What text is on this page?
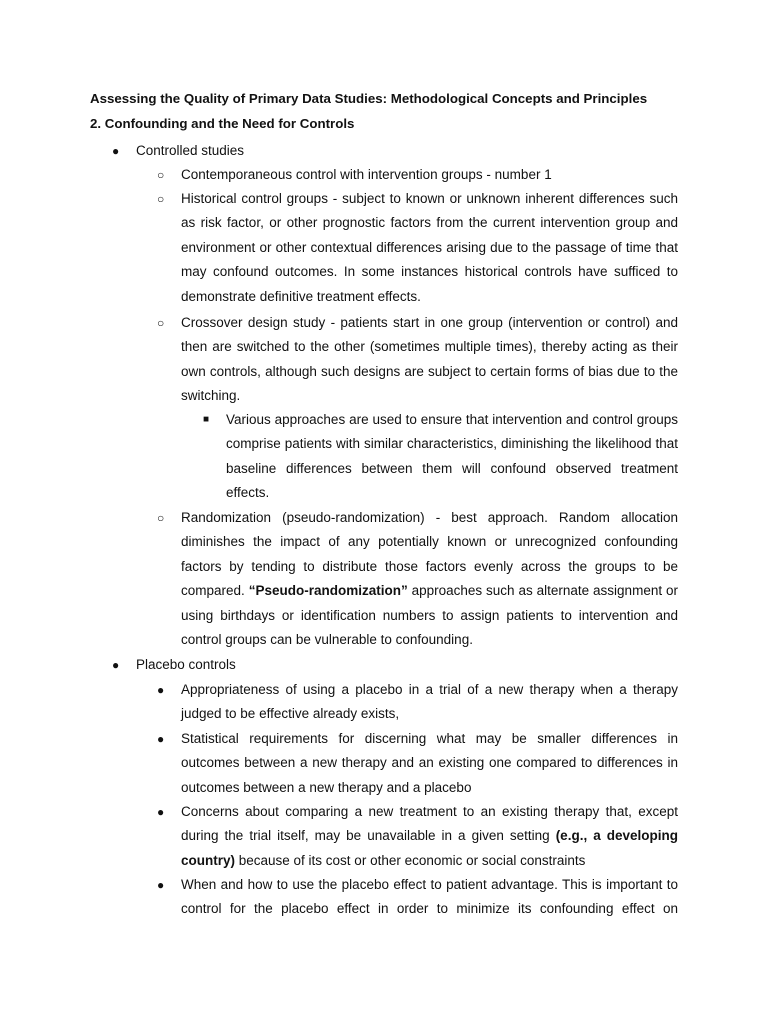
Assessing the Quality of Primary Data Studies: Methodological Concepts and Principles
2. Confounding and the Need for Controls
● Controlled studies
○ Contemporaneous control with intervention groups - number 1
○ Historical control groups - subject to known or unknown inherent differences such as risk factor, or other prognostic factors from the current intervention group and environment or other contextual differences arising due to the passage of time that may confound outcomes. In some instances historical controls have sufficed to demonstrate definitive treatment effects.
○ Crossover design study - patients start in one group (intervention or control) and then are switched to the other (sometimes multiple times), thereby acting as their own controls, although such designs are subject to certain forms of bias due to the switching.
■ Various approaches are used to ensure that intervention and control groups comprise patients with similar characteristics, diminishing the likelihood that baseline differences between them will confound observed treatment effects.
○ Randomization (pseudo-randomization) - best approach. Random allocation diminishes the impact of any potentially known or unrecognized confounding factors by tending to distribute those factors evenly across the groups to be compared. “Pseudo-randomization” approaches such as alternate assignment or using birthdays or identification numbers to assign patients to intervention and control groups can be vulnerable to confounding.
● Placebo controls
● Appropriateness of using a placebo in a trial of a new therapy when a therapy judged to be effective already exists,
● Statistical requirements for discerning what may be smaller differences in outcomes between a new therapy and an existing one compared to differences in outcomes between a new therapy and a placebo
● Concerns about comparing a new treatment to an existing therapy that, except during the trial itself, may be unavailable in a given setting (e.g., a developing country) because of its cost or other economic or social constraints
● When and how to use the placebo effect to patient advantage. This is important to control for the placebo effect in order to minimize its confounding effect on
